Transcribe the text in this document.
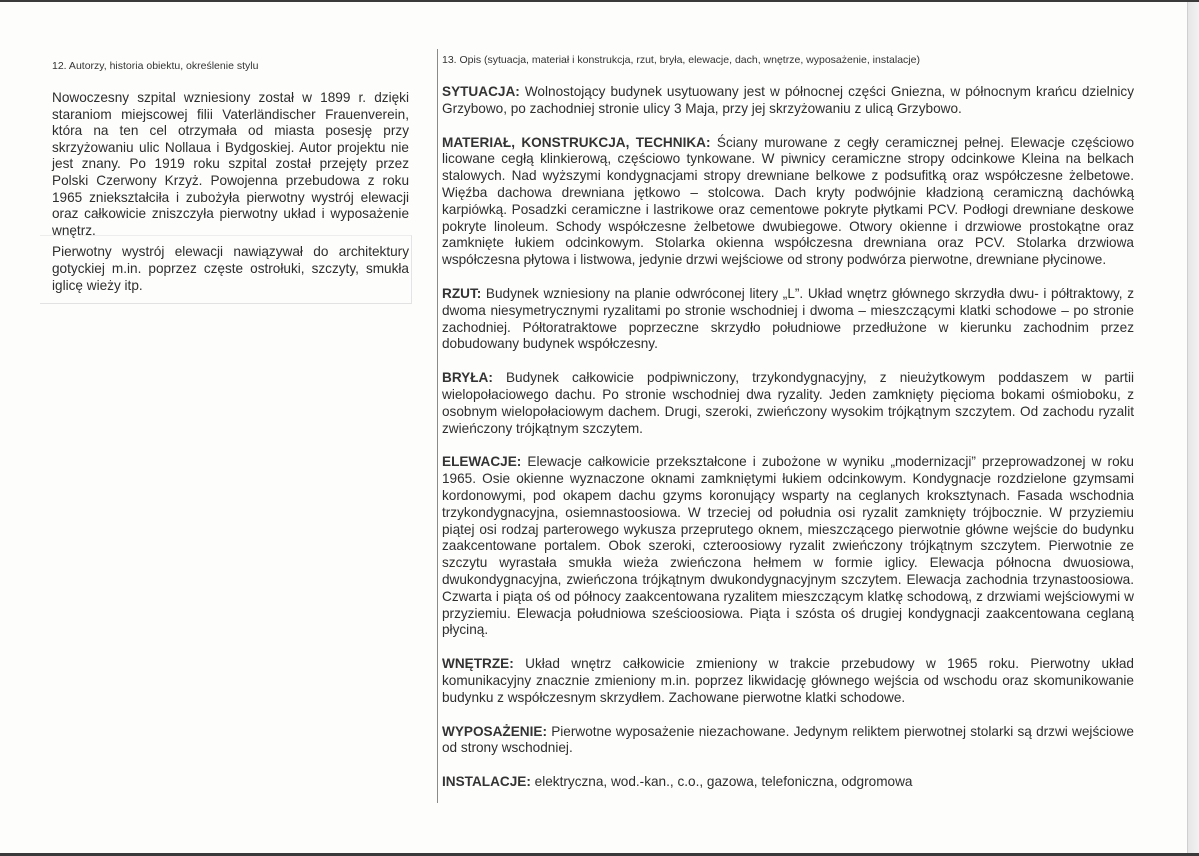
12. Autorzy, historia obiektu, określenie stylu

Nowoczesny szpital wzniesiony został w 1899 r. dzięki staraniom miejscowej filii Vaterländischer Frauenverein, która na ten cel otrzymała od miasta posesję przy skrzyżowaniu ulic Nollaua i Bydgoskiej. Autor projektu nie jest znany. Po 1919 roku szpital został przejęty przez Polski Czerwony Krzyż. Powojenna przebudowa z roku 1965 zniekształciła i zubożyła pierwotny wystrój elewacji oraz całkowicie zniszczyła pierwotny układ i wyposażenie wnętrz.

Pierwotny wystrój elewacji nawiązywał do architektury gotyckiej m.in. poprzez częste ostrołuki, szczyty, smukła iglicę wieży itp.

13. Opis (sytuacja, materiał i konstrukcja, rzut, bryła, elewacje, dach, wnętrze, wyposażenie, instalacje)

SYTUACJA: Wolnostojący budynek usytuowany jest w północnej części Gniezna, w północnym krańcu dzielnicy Grzybowo, po zachodniej stronie ulicy 3 Maja, przy jej skrzyżowaniu z ulicą Grzybowo.

MATERIAŁ, KONSTRUKCJA, TECHNIKA: Ściany murowane z cegły ceramicznej pełnej. Elewacje częściowo licowane cegłą klinkierową, częściowo tynkowane. W piwnicy ceramiczne stropy odcinkowe Kleina na belkach stalowych. Nad wyższymi kondygnacjami stropy drewniane belkowe z podsufitką oraz współczesne żelbetowe. Więźba dachowa drewniana jętkowo – stolcowa. Dach kryty podwójnie kładzioną ceramiczną dachówką karpiówką. Posadzki ceramiczne i lastrikowe oraz cementowe pokryte płytkami PCV. Podłogi drewniane deskowe pokryte linoleum. Schody współczesne żelbetowe dwubiegowe. Otwory okienne i drzwiowe prostokątne oraz zamknięte łukiem odcinkowym. Stolarka okienna współczesna drewniana oraz PCV. Stolarka drzwiowa współczesna płytowa i listwowa, jedynie drzwi wejściowe od strony podwórza pierwotne, drewniane płycinowe.

RZUT: Budynek wzniesiony na planie odwróconej litery „L”. Układ wnętrz głównego skrzydła dwu- i półtraktowy, z dwoma niesymetrycznymi ryzalitami po stronie wschodniej i dwoma – mieszczącymi klatki schodowe – po stronie zachodniej. Półtoratraktowe poprzeczne skrzydło południowe przedłużone w kierunku zachodnim przez dobudowany budynek współczesny.

BRYŁA: Budynek całkowicie podpiwniczony, trzykondygnacyjny, z nieużytkowym poddaszem w partii wielopołaciowego dachu. Po stronie wschodniej dwa ryzality. Jeden zamknięty pięcioma bokami ośmioboku, z osobnym wielopołaciowym dachem. Drugi, szeroki, zwieńczony wysokim trójkątnym szczytem. Od zachodu ryzalit zwieńczony trójkątnym szczytem.

ELEWACJE: Elewacje całkowicie przekształcone i zubożone w wyniku „modernizacji” przeprowadzonej w roku 1965. Osie okienne wyznaczone oknami zamkniętymi łukiem odcinkowym. Kondygnacje rozdzielone gzymsami kordonowymi, pod okapem dachu gzyms koronujący wsparty na ceglanych kroksztynach. Fasada wschodnia trzykondygnacyjna, osiemnastoosiowa. W trzeciej od południa osi ryzalit zamknięty trójbocznie. W przyziemiu piątej osi rodzaj parterowego wykusza przeprutego oknem, mieszczącego pierwotnie główne wejście do budynku zaakcentowane portalem. Obok szeroki, czteroosiowy ryzalit zwieńczony trójkątnym szczytem. Pierwotnie ze szczytu wyrastała smukła wieża zwieńczona hełmem w formie iglicy. Elewacja północna dwuosiowa, dwukondygnacyjna, zwieńczona trójkątnym dwukondygnacyjnym szczytem. Elewacja zachodnia trzynastoosiowa. Czwarta i piąta oś od północy zaakcentowana ryzalitem mieszczącym klatkę schodową, z drzwiami wejściowymi w przyziemiu. Elewacja południowa sześcioosiowa. Piąta i szósta oś drugiej kondygnacji zaakcentowana ceglaną płyciną.

WNĘTRZE: Układ wnętrz całkowicie zmieniony w trakcie przebudowy w 1965 roku. Pierwotny układ komunikacyjny znacznie zmieniony m.in. poprzez likwidację głównego wejścia od wschodu oraz skomunikowanie budynku z współczesnym skrzydłem. Zachowane pierwotne klatki schodowe.

WYPOSAŻENIE: Pierwotne wyposażenie niezachowane. Jedynym reliktem pierwotnej stolarki są drzwi wejściowe od strony wschodniej.

INSTALACJE: elektryczna, wod.-kan., c.o., gazowa, telefoniczna, odgromowa
